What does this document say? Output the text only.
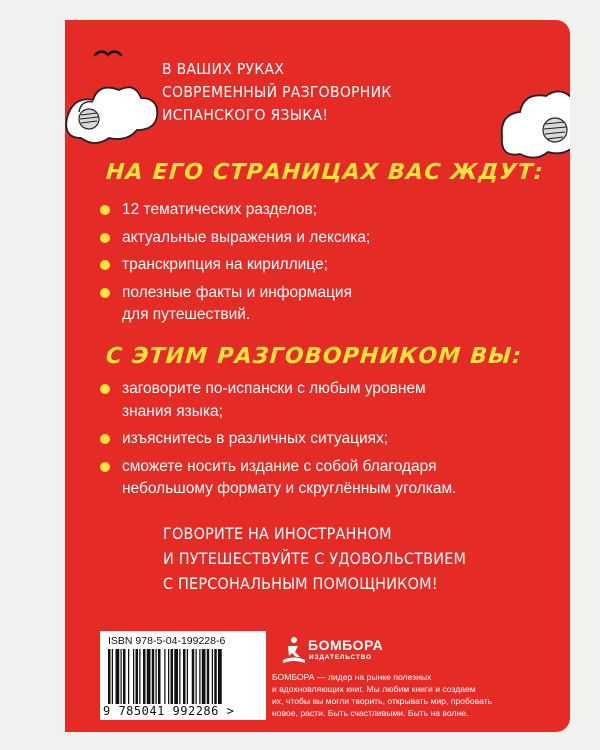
В ВАШИХ РУКАХ
СОВРЕМЕННЫЙ РАЗГОВОРНИК
ИСПАНСКОГО ЯЗЫКА!
НА ЕГО СТРАНИЦАХ ВАС ЖДУТ:
12 тематических разделов;
актуальные выражения и лексика;
транскрипция на кириллице;
полезные факты и информация
для путешествий.
С ЭТИМ РАЗГОВОРНИКОМ ВЫ:
заговорите по-испански с любым уровнем
знания языка;
изъяснитесь в различных ситуациях;
сможете носить издание с собой благодаря
небольшому формату и скруглённым уголкам.
ГОВОРИТЕ НА ИНОСТРАННОМ
И ПУТЕШЕСТВУЙТЕ С УДОВОЛЬСТВИЕМ
С ПЕРСОНАЛЬНЫМ ПОМОЩНИКОМ!
ISBN 978-5-04-199228-6
9 785041 992286 >
БОМБОРА
ИЗДАТЕЛЬСТВО
БОМБОРА — лидер на рынке полезных
и вдохновляющих книг. Мы любим книги и создаем
их, чтобы вы могли творить, открывать мир, пробовать
новое, расти. Быть счастливыми. Быть на волне.
